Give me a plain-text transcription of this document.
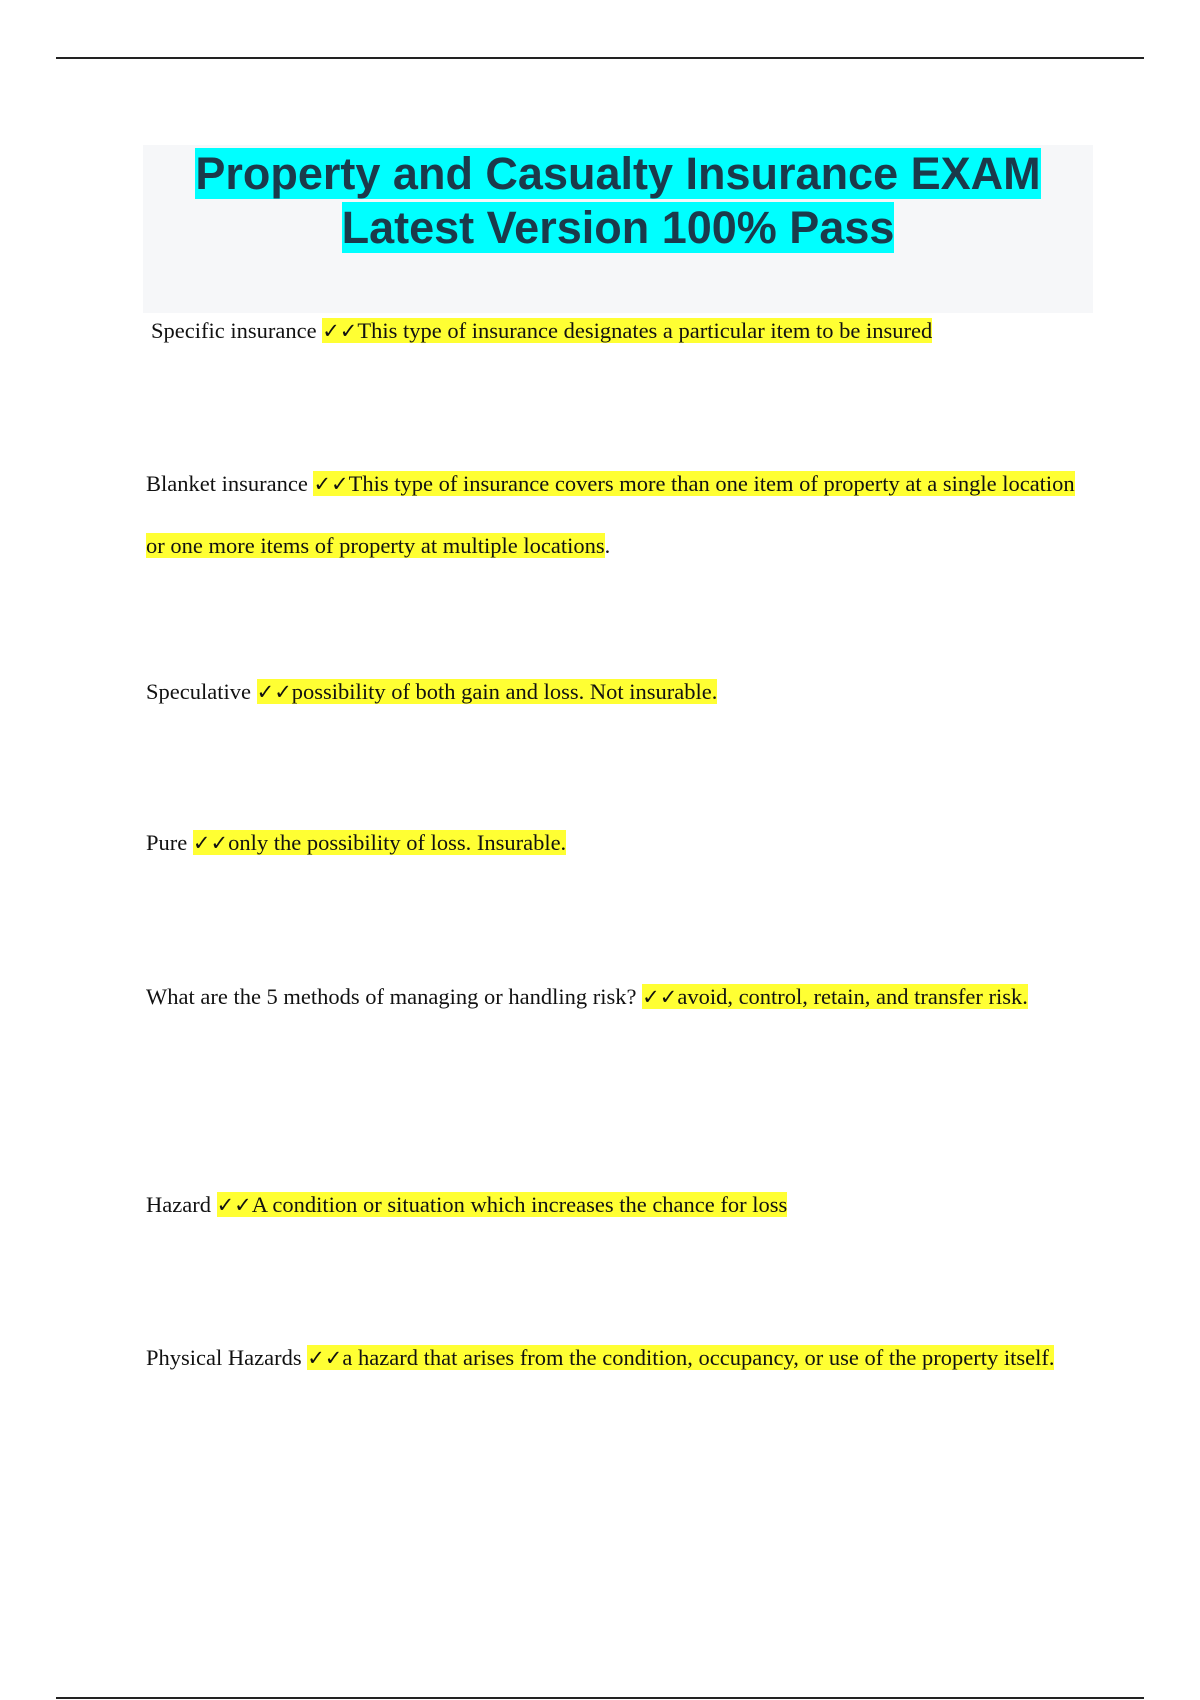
Property and Casualty Insurance EXAM
Latest Version 100% Pass

Specific insurance ✓✓This type of insurance designates a particular item to be insured

Blanket insurance ✓✓This type of insurance covers more than one item of property at a single location or one more items of property at multiple locations.

Speculative ✓✓possibility of both gain and loss. Not insurable.

Pure ✓✓only the possibility of loss. Insurable.

What are the 5 methods of managing or handling risk? ✓✓avoid, control, retain, and transfer risk.

Hazard ✓✓A condition or situation which increases the chance for loss

Physical Hazards ✓✓a hazard that arises from the condition, occupancy, or use of the property itself.
